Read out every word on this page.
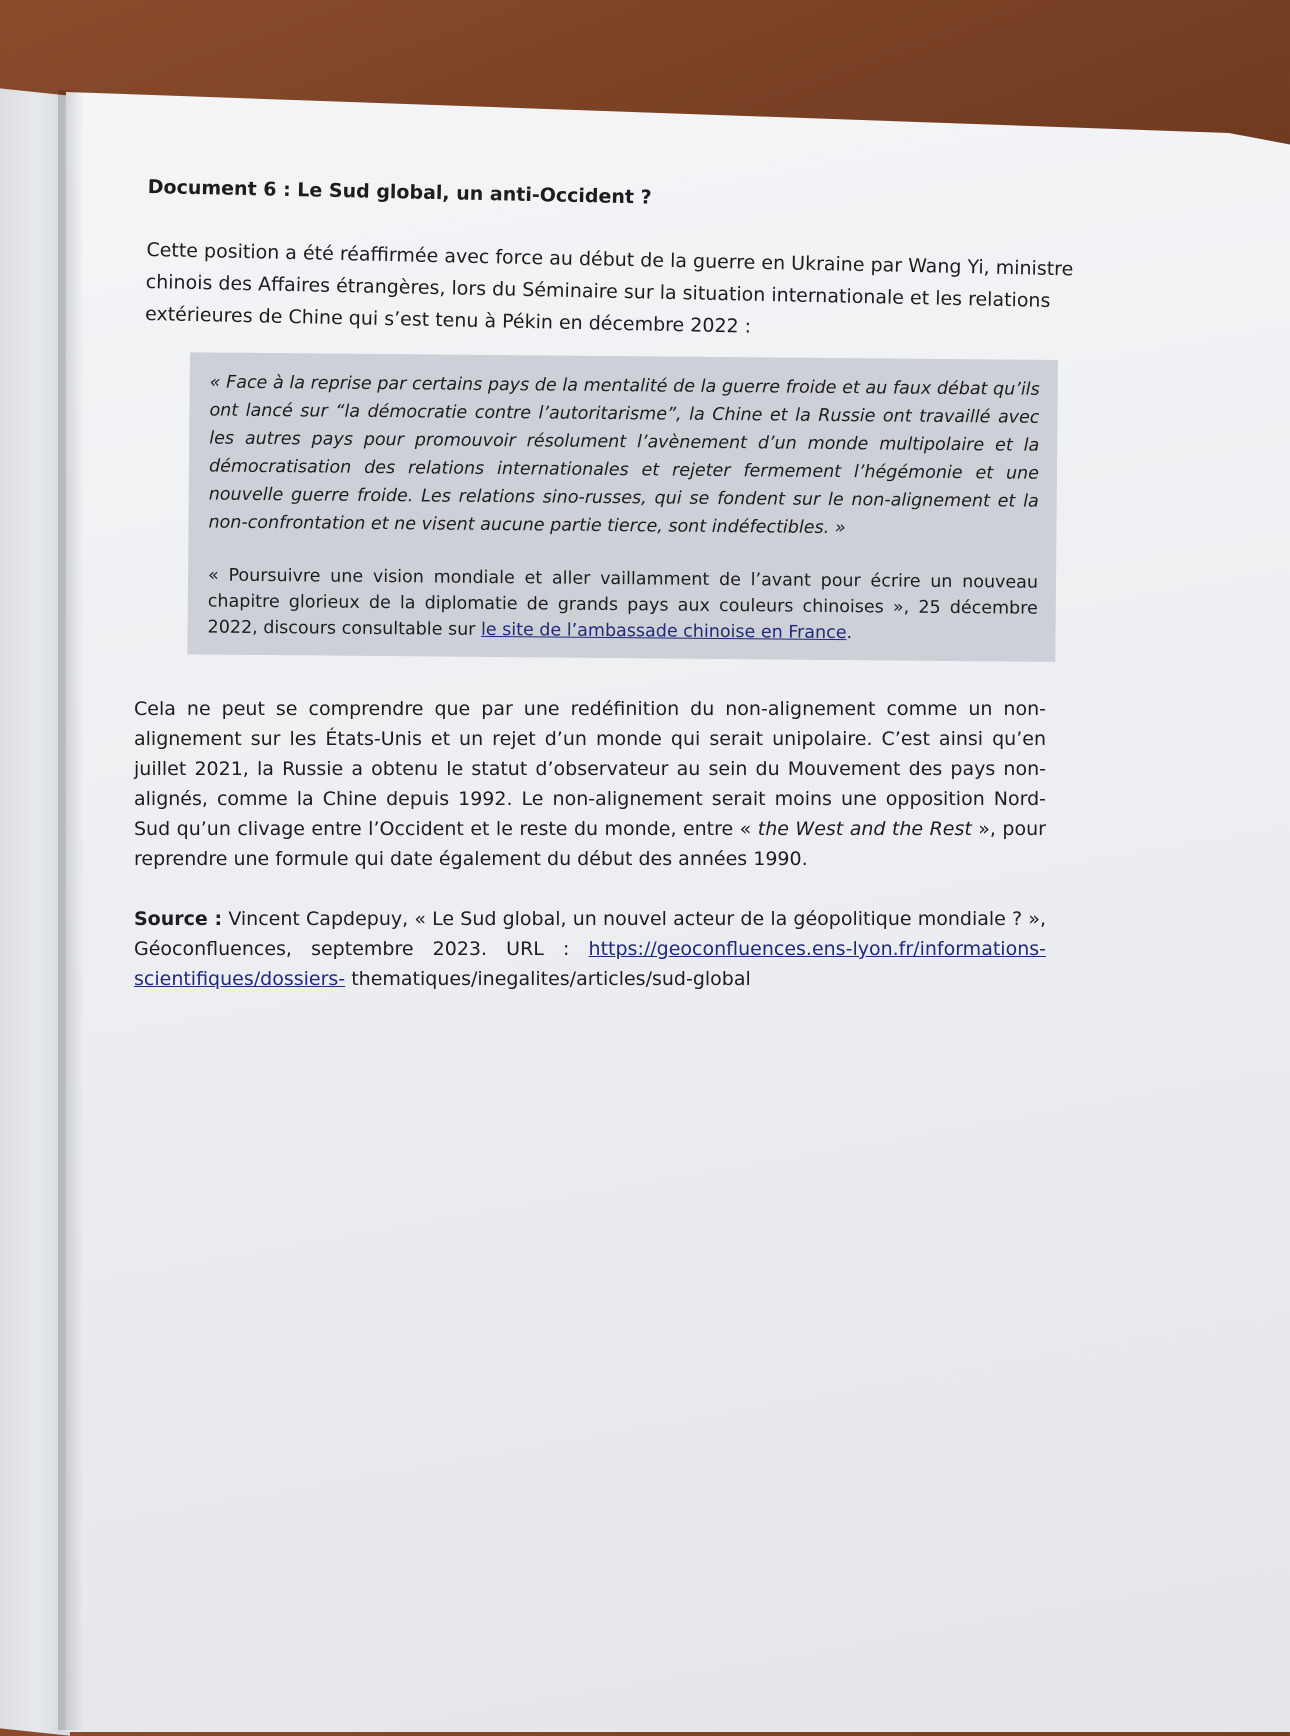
Document 6 : Le Sud global, un anti-Occident ?

Cette position a été réaffirmée avec force au début de la guerre en Ukraine par Wang Yi, ministre chinois des Affaires étrangères, lors du Séminaire sur la situation internationale et les relations extérieures de Chine qui s’est tenu à Pékin en décembre 2022 :

« Face à la reprise par certains pays de la mentalité de la guerre froide et au faux débat qu’ils ont lancé sur “la démocratie contre l’autoritarisme”, la Chine et la Russie ont travaillé avec les autres pays pour promouvoir résolument l’avènement d’un monde multipolaire et la démocratisation des relations internationales et rejeter fermement l’hégémonie et une nouvelle guerre froide. Les relations sino-russes, qui se fondent sur le non-alignement et la non-confrontation et ne visent aucune partie tierce, sont indéfectibles. »

« Poursuivre une vision mondiale et aller vaillamment de l’avant pour écrire un nouveau chapitre glorieux de la diplomatie de grands pays aux couleurs chinoises », 25 décembre 2022, discours consultable sur le site de l’ambassade chinoise en France.

Cela ne peut se comprendre que par une redéfinition du non-alignement comme un non-alignement sur les États-Unis et un rejet d’un monde qui serait unipolaire. C’est ainsi qu’en juillet 2021, la Russie a obtenu le statut d’observateur au sein du Mouvement des pays non-alignés, comme la Chine depuis 1992. Le non-alignement serait moins une opposition Nord-Sud qu’un clivage entre l’Occident et le reste du monde, entre « the West and the Rest », pour reprendre une formule qui date également du début des années 1990.

Source : Vincent Capdepuy, « Le Sud global, un nouvel acteur de la géopolitique mondiale ? », Géoconfluences, septembre 2023. URL : https://geoconfluences.ens-lyon.fr/informations-scientifiques/dossiers- thematiques/inegalites/articles/sud-global
